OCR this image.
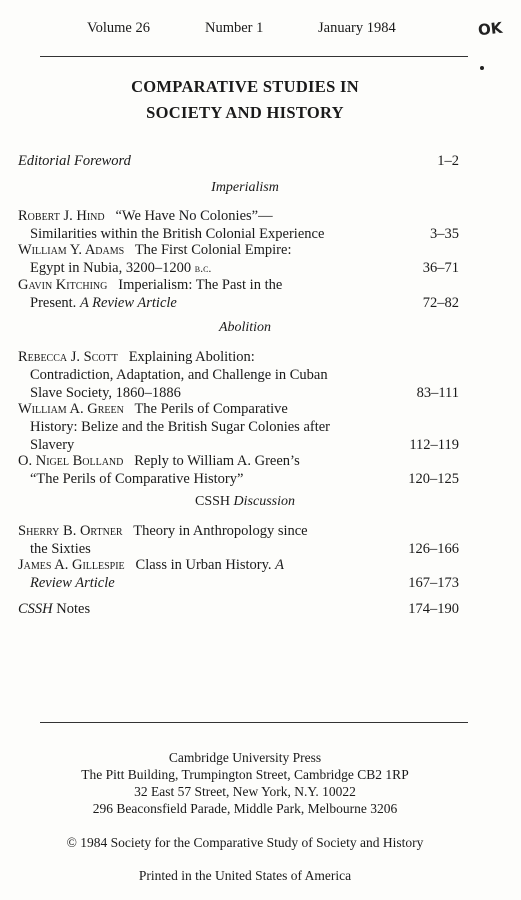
Volume 26	Number 1	January 1984	OK
COMPARATIVE STUDIES IN
SOCIETY AND HISTORY
Editorial Foreword	1–2
Imperialism
Robert J. Hind “We Have No Colonies”—
Similarities within the British Colonial Experience	3–35
William Y. Adams The First Colonial Empire:
Egypt in Nubia, 3200–1200 b.c.	36–71
Gavin Kitching Imperialism: The Past in the
Present. A Review Article	72–82
Abolition
Rebecca J. Scott Explaining Abolition:
Contradiction, Adaptation, and Challenge in Cuban
Slave Society, 1860–1886	83–111
William A. Green The Perils of Comparative
History: Belize and the British Sugar Colonies after
Slavery	112–119
O. Nigel Bolland Reply to William A. Green’s
“The Perils of Comparative History”	120–125
CSSH Discussion
Sherry B. Ortner Theory in Anthropology since
the Sixties	126–166
James A. Gillespie Class in Urban History. A
Review Article	167–173
CSSH Notes	174–190
Cambridge University Press
The Pitt Building, Trumpington Street, Cambridge CB2 1RP
32 East 57 Street, New York, N.Y. 10022
296 Beaconsfield Parade, Middle Park, Melbourne 3206
© 1984 Society for the Comparative Study of Society and History
Printed in the United States of America
